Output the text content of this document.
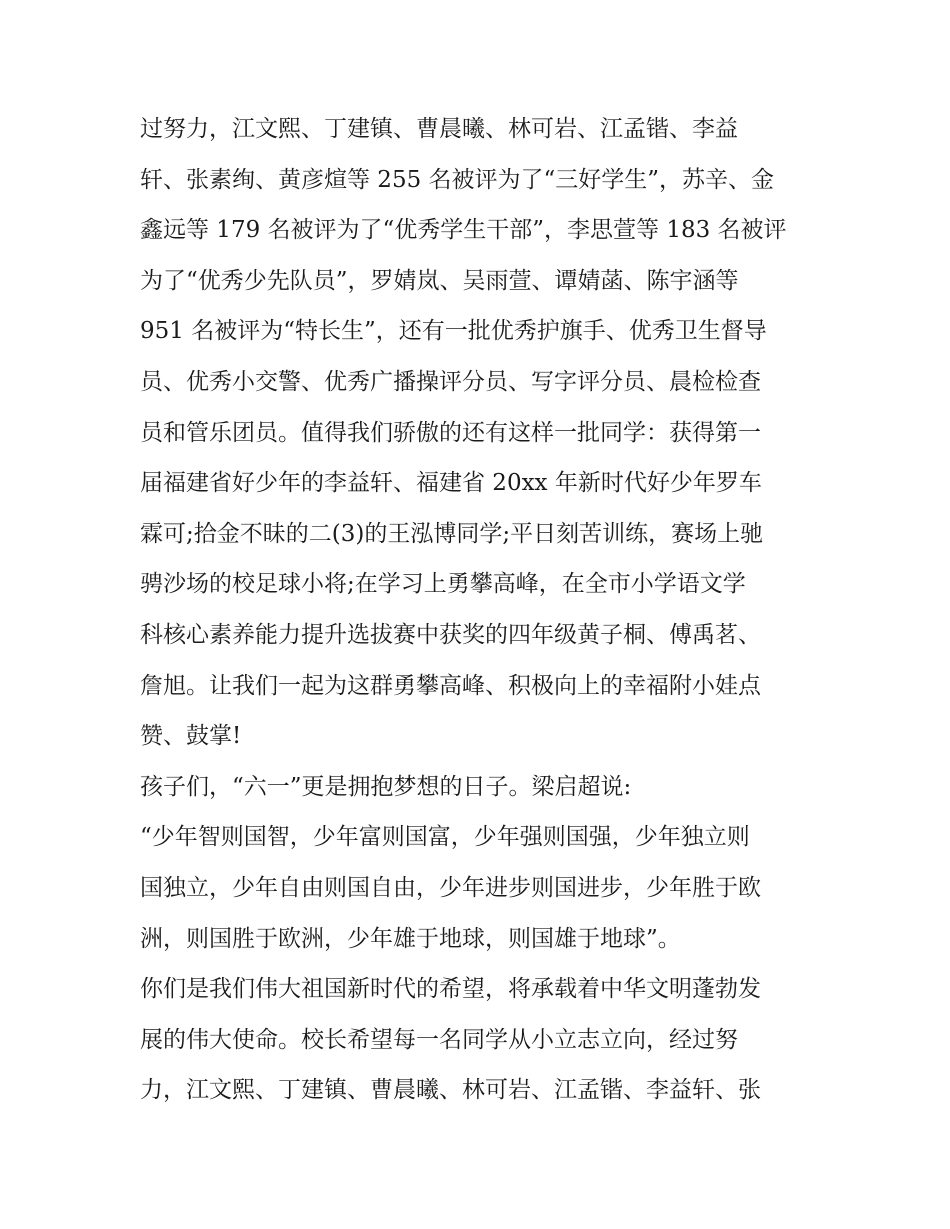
过努力，江文熙、丁建镇、曹晨曦、林可岩、江孟锴、李益
轩、张素绚、黄彦煊等 255 名被评为了“三好学生”，苏辛、金
鑫远等 179 名被评为了“优秀学生干部”，李思萱等 183 名被评
为了“优秀少先队员”，罗婧岚、吴雨萱、谭婧菡、陈宇涵等
951 名被评为“特长生”，还有一批优秀护旗手、优秀卫生督导
员、优秀小交警、优秀广播操评分员、写字评分员、晨检检查
员和管乐团员。值得我们骄傲的还有这样一批同学：获得第一
届福建省好少年的李益轩、福建省 20xx 年新时代好少年罗车
霖可;拾金不昧的二(3)的王泓博同学;平日刻苦训练，赛场上驰
骋沙场的校足球小将;在学习上勇攀高峰，在全市小学语文学
科核心素养能力提升选拔赛中获奖的四年级黄子桐、傅禹茗、
詹旭。让我们一起为这群勇攀高峰、积极向上的幸福附小娃点
赞、鼓掌!
孩子们，“六一”更是拥抱梦想的日子。梁启超说:
“少年智则国智，少年富则国富，少年强则国强，少年独立则
国独立，少年自由则国自由，少年进步则国进步，少年胜于欧
洲，则国胜于欧洲，少年雄于地球，则国雄于地球”。
你们是我们伟大祖国新时代的希望，将承载着中华文明蓬勃发
展的伟大使命。校长希望每一名同学从小立志立向，经过努
力，江文熙、丁建镇、曹晨曦、林可岩、江孟锴、李益轩、张
